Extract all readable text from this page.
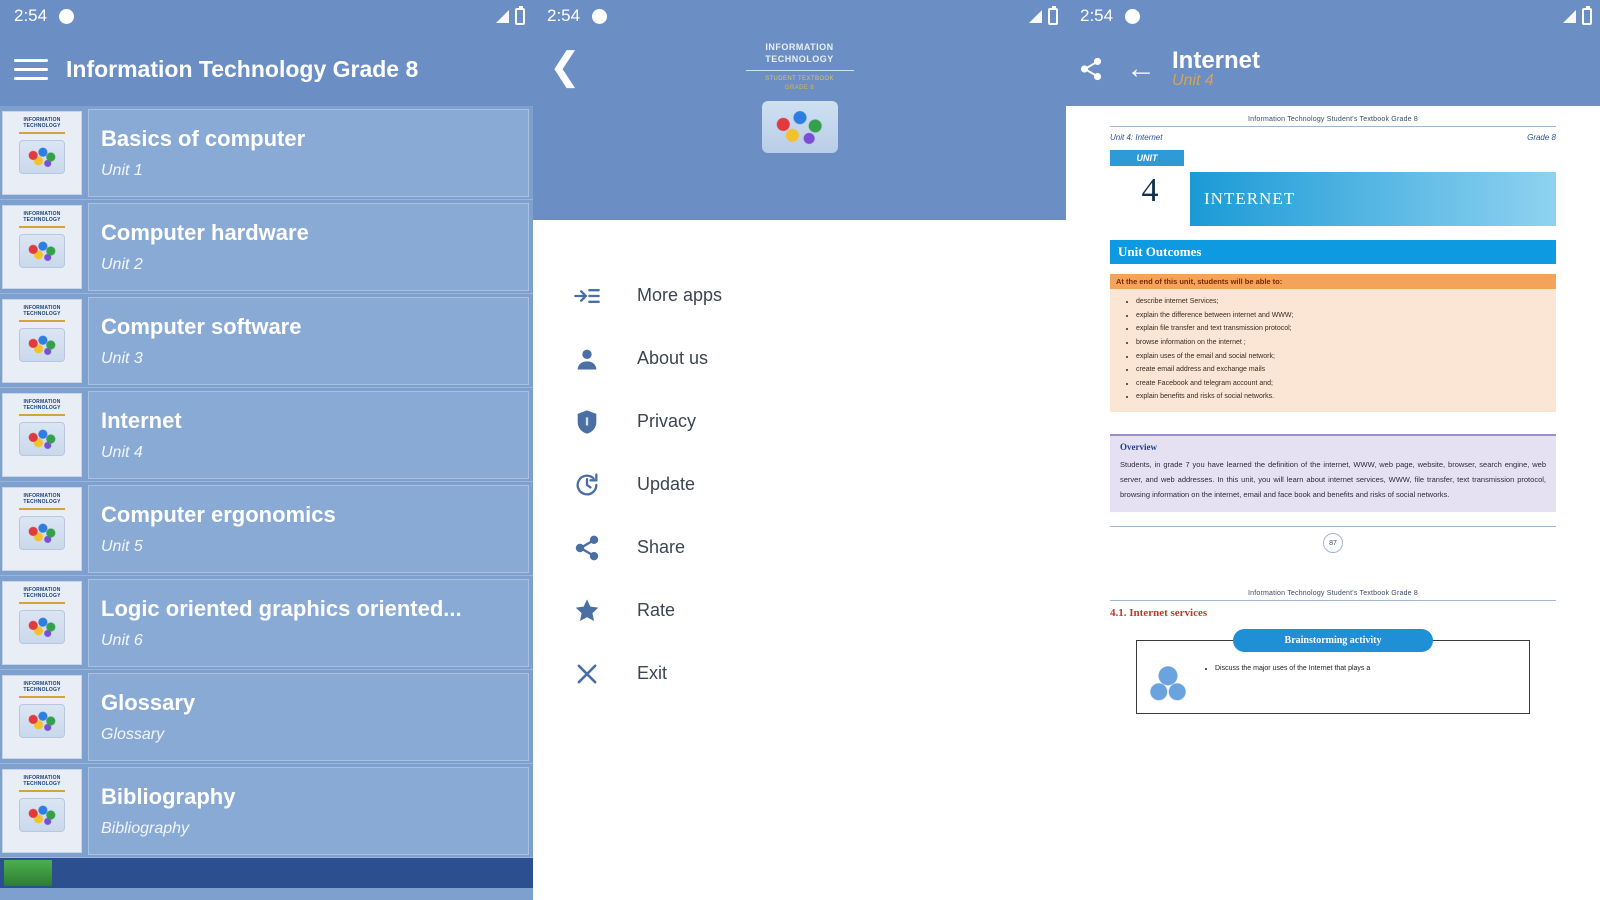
2:54
Information Technology Grade 8
INFORMATION
TECHNOLOGY	Basics of computer
Unit 1
INFORMATION
TECHNOLOGY	Computer hardware
Unit 2
INFORMATION
TECHNOLOGY	Computer software
Unit 3
INFORMATION
TECHNOLOGY	Internet
Unit 4
INFORMATION
TECHNOLOGY	Computer ergonomics
Unit 5
INFORMATION
TECHNOLOGY	Logic oriented graphics oriented...
Unit 6
INFORMATION
TECHNOLOGY	Glossary
Glossary
INFORMATION
TECHNOLOGY	Bibliography
Bibliography
2:54
❮	INFORMATION
TECHNOLOGY
STUDENT TEXTBOOK
GRADE 8
More apps
About us
Privacy
Update
Share
Rate
Exit
2:54
← Internet
Unit 4
Information Technology Student's Textbook Grade 8
Unit 4: Internet	Grade 8
UNIT
4	INTERNET
Unit Outcomes
At the end of this unit, students will be able to:
• describe internet Services;
• explain the difference between internet and WWW;
• explain file transfer and text transmission protocol;
• browse information on the internet ;
• explain uses of the email and social network;
• create email address and exchange mails
• create Facebook and telegram account and;
• explain benefits and risks of social networks.
Overview

Students, in grade 7 you have learned the definition of the internet, WWW, web page, website, browser, search engine, web server, and web addresses. In this unit, you will learn about internet services, WWW, file transfer, text transmission protocol, browsing information on the internet, email and face book and benefits and risks of social networks.

87
Information Technology Student's Textbook Grade 8
4.1. Internet services
Brainstorming activity
• Discuss the major uses of the Internet that plays a
